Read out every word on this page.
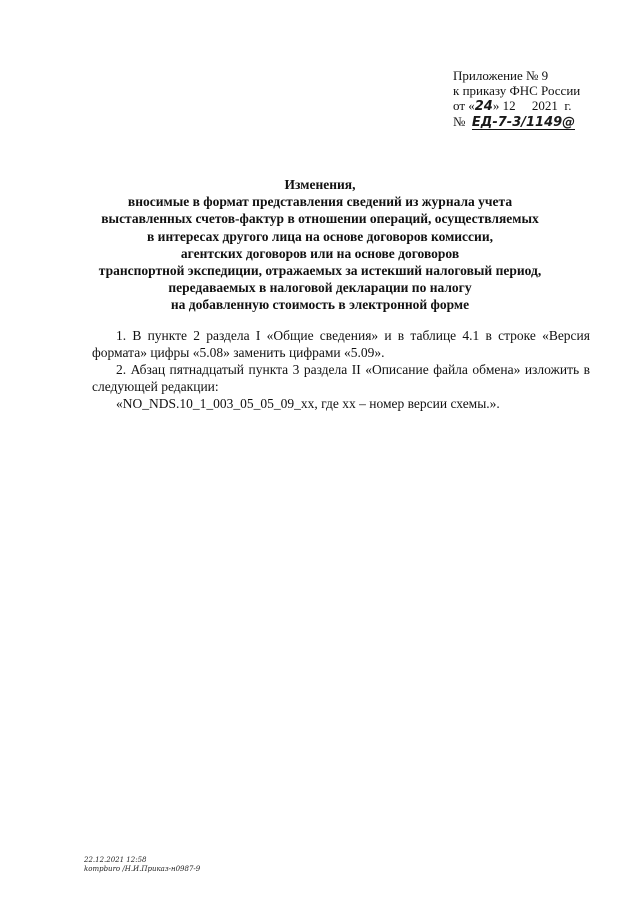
Приложение № 9
к приказу ФНС России
от «24» 12 2021 г.
№ ЕД-7-3/1149@
Изменения,
вносимые в формат представления сведений из журнала учета
выставленных счетов-фактур в отношении операций, осуществляемых
в интересах другого лица на основе договоров комиссии,
агентских договоров или на основе договоров
транспортной экспедиции, отражаемых за истекший налоговый период,
передаваемых в налоговой декларации по налогу
на добавленную стоимость в электронной форме

1. В пункте 2 раздела I «Общие сведения» и в таблице 4.1 в строке «Версия формата» цифры «5.08» заменить цифрами «5.09».

2. Абзац пятнадцатый пункта 3 раздела II «Описание файла обмена» изложить в следующей редакции:

«NO_NDS.10_1_003_05_05_09_xx, где xx – номер версии схемы.».

22.12.2021 12:58
kompburo /Н.И.Приказ-н0987-9
